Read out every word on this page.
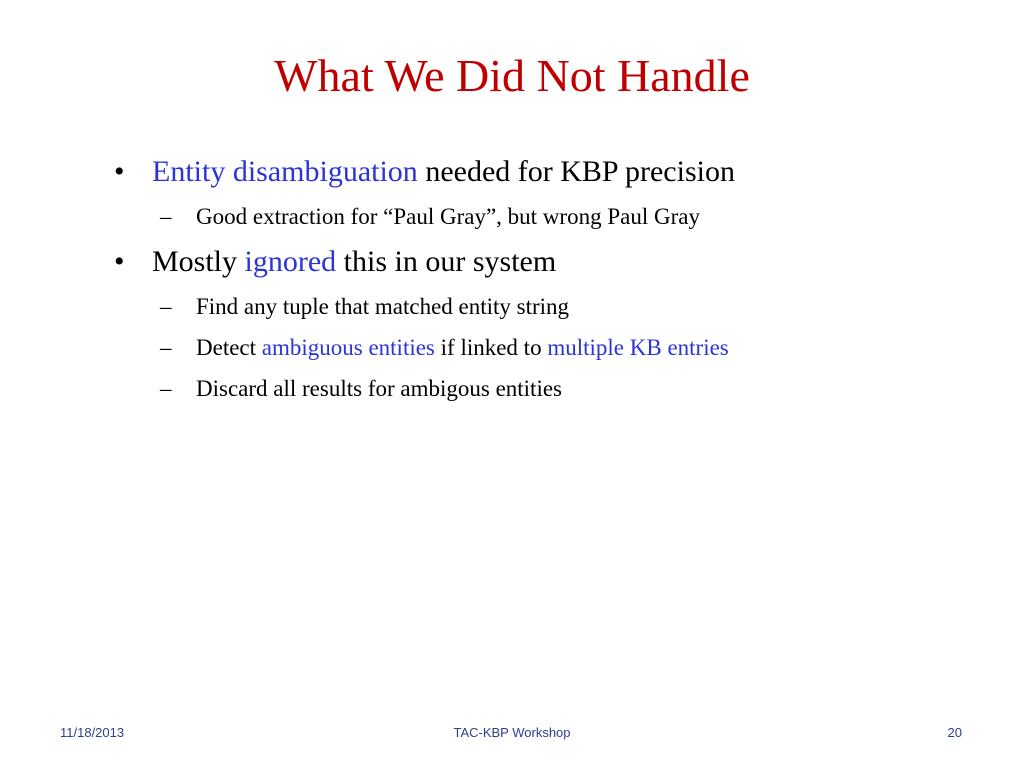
What We Did Not Handle
• Entity disambiguation needed for KBP precision
– Good extraction for “Paul Gray”, but wrong Paul Gray
• Mostly ignored this in our system
– Find any tuple that matched entity string
– Detect ambiguous entities if linked to multiple KB entries
– Discard all results for ambigous entities
11/18/2013	TAC-KBP Workshop	20
